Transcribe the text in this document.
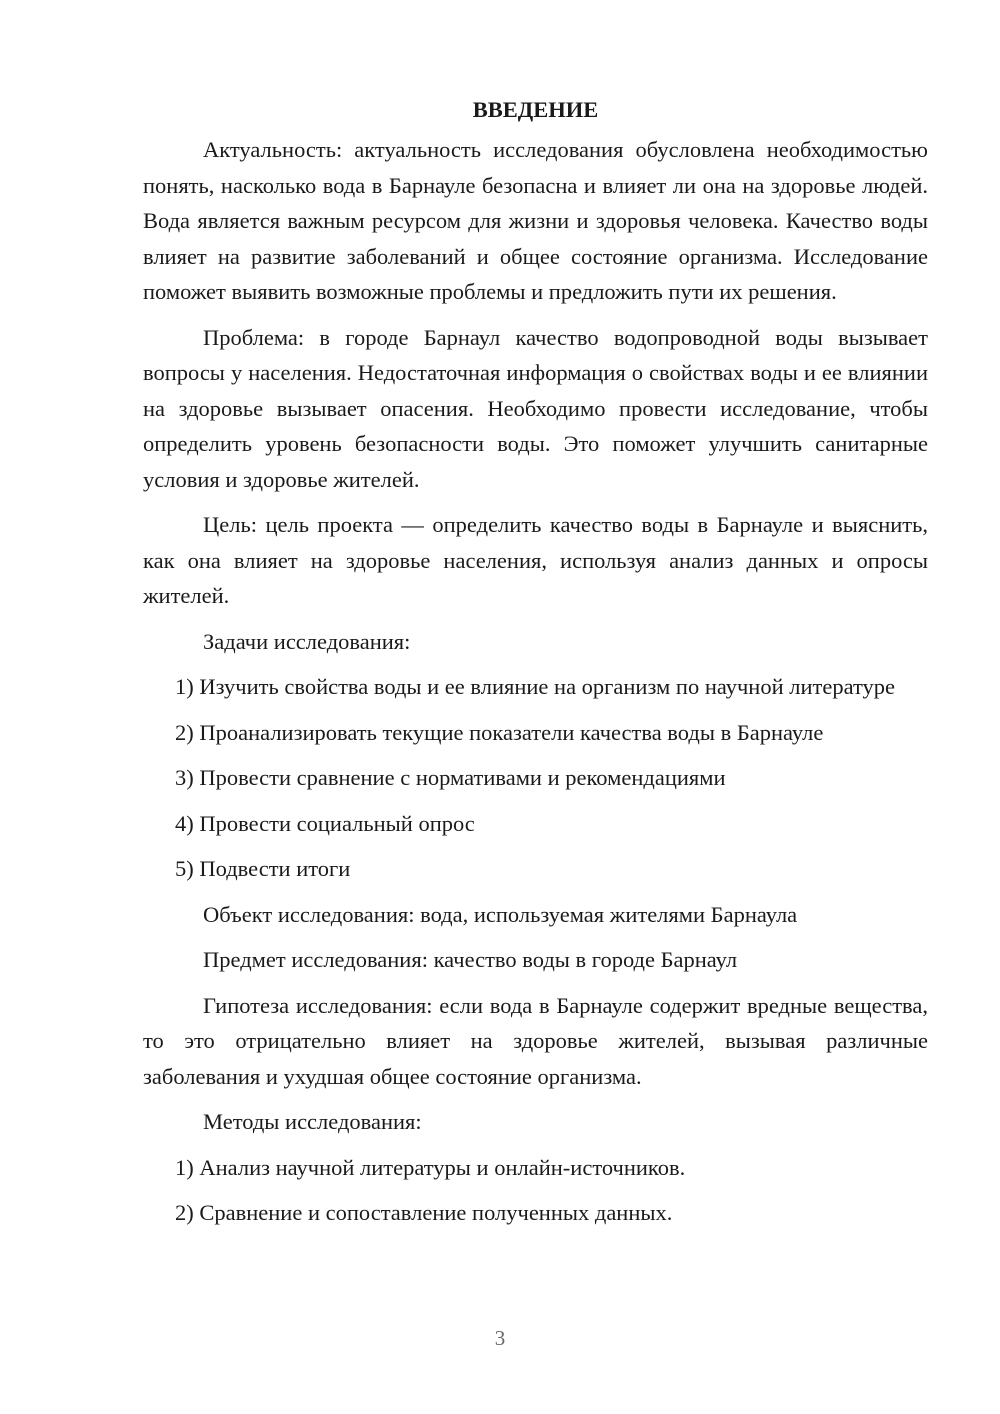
ВВЕДЕНИЕ

Актуальность: актуальность исследования обусловлена необходимостью понять, насколько вода в Барнауле безопасна и влияет ли она на здоровье людей. Вода является важным ресурсом для жизни и здоровья человека. Качество воды влияет на развитие заболеваний и общее состояние организма. Исследование поможет выявить возможные проблемы и предложить пути их решения.

Проблема: в городе Барнаул качество водопроводной воды вызывает вопросы у населения. Недостаточная информация о свойствах воды и ее влиянии на здоровье вызывает опасения. Необходимо провести исследование, чтобы определить уровень безопасности воды. Это поможет улучшить санитарные условия и здоровье жителей.

Цель: цель проекта — определить качество воды в Барнауле и выяснить, как она влияет на здоровье населения, используя анализ данных и опросы жителей.

Задачи исследования:

1) Изучить свойства воды и ее влияние на организм по научной литературе

2) Проанализировать текущие показатели качества воды в Барнауле

3) Провести сравнение с нормативами и рекомендациями

4) Провести социальный опрос

5) Подвести итоги

Объект исследования: вода, используемая жителями Барнаула

Предмет исследования: качество воды в городе Барнаул

Гипотеза исследования: если вода в Барнауле содержит вредные вещества, то это отрицательно влияет на здоровье жителей, вызывая различные заболевания и ухудшая общее состояние организма.

Методы исследования:

1) Анализ научной литературы и онлайн-источников.

2) Сравнение и сопоставление полученных данных.

3
